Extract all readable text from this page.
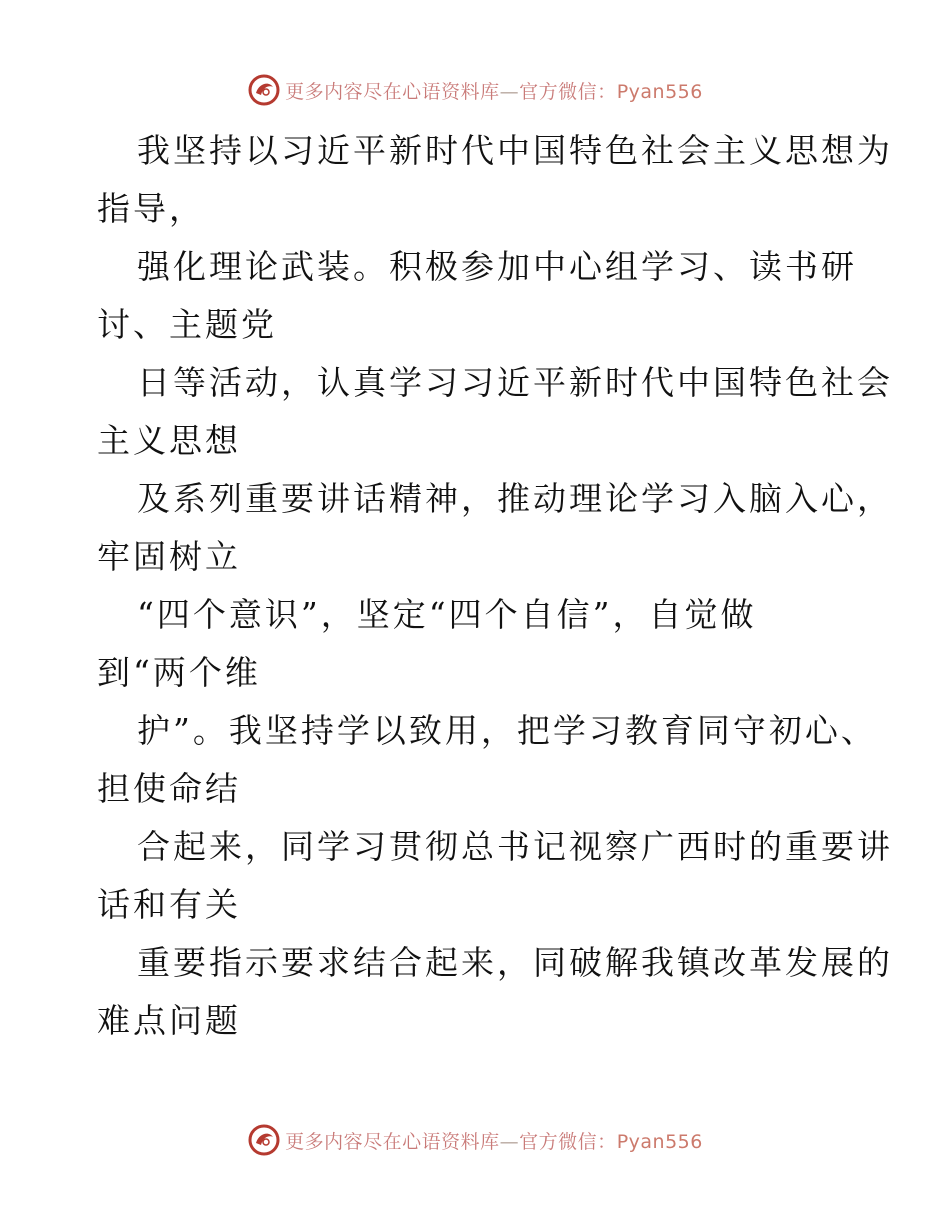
更多内容尽在心语资料库—官方微信：Pyan556
我坚持以习近平新时代中国特色社会主义思想为
指导，
强化理论武装。积极参加中心组学习、读书研
讨、主题党
日等活动，认真学习习近平新时代中国特色社会
主义思想
及系列重要讲话精神，推动理论学习入脑入心，
牢固树立
“四个意识”，坚定“四个自信”，自觉做
到“两个维
护”。我坚持学以致用，把学习教育同守初心、
担使命结
合起来，同学习贯彻总书记视察广西时的重要讲
话和有关
重要指示要求结合起来，同破解我镇改革发展的
难点问题
更多内容尽在心语资料库—官方微信：Pyan556
